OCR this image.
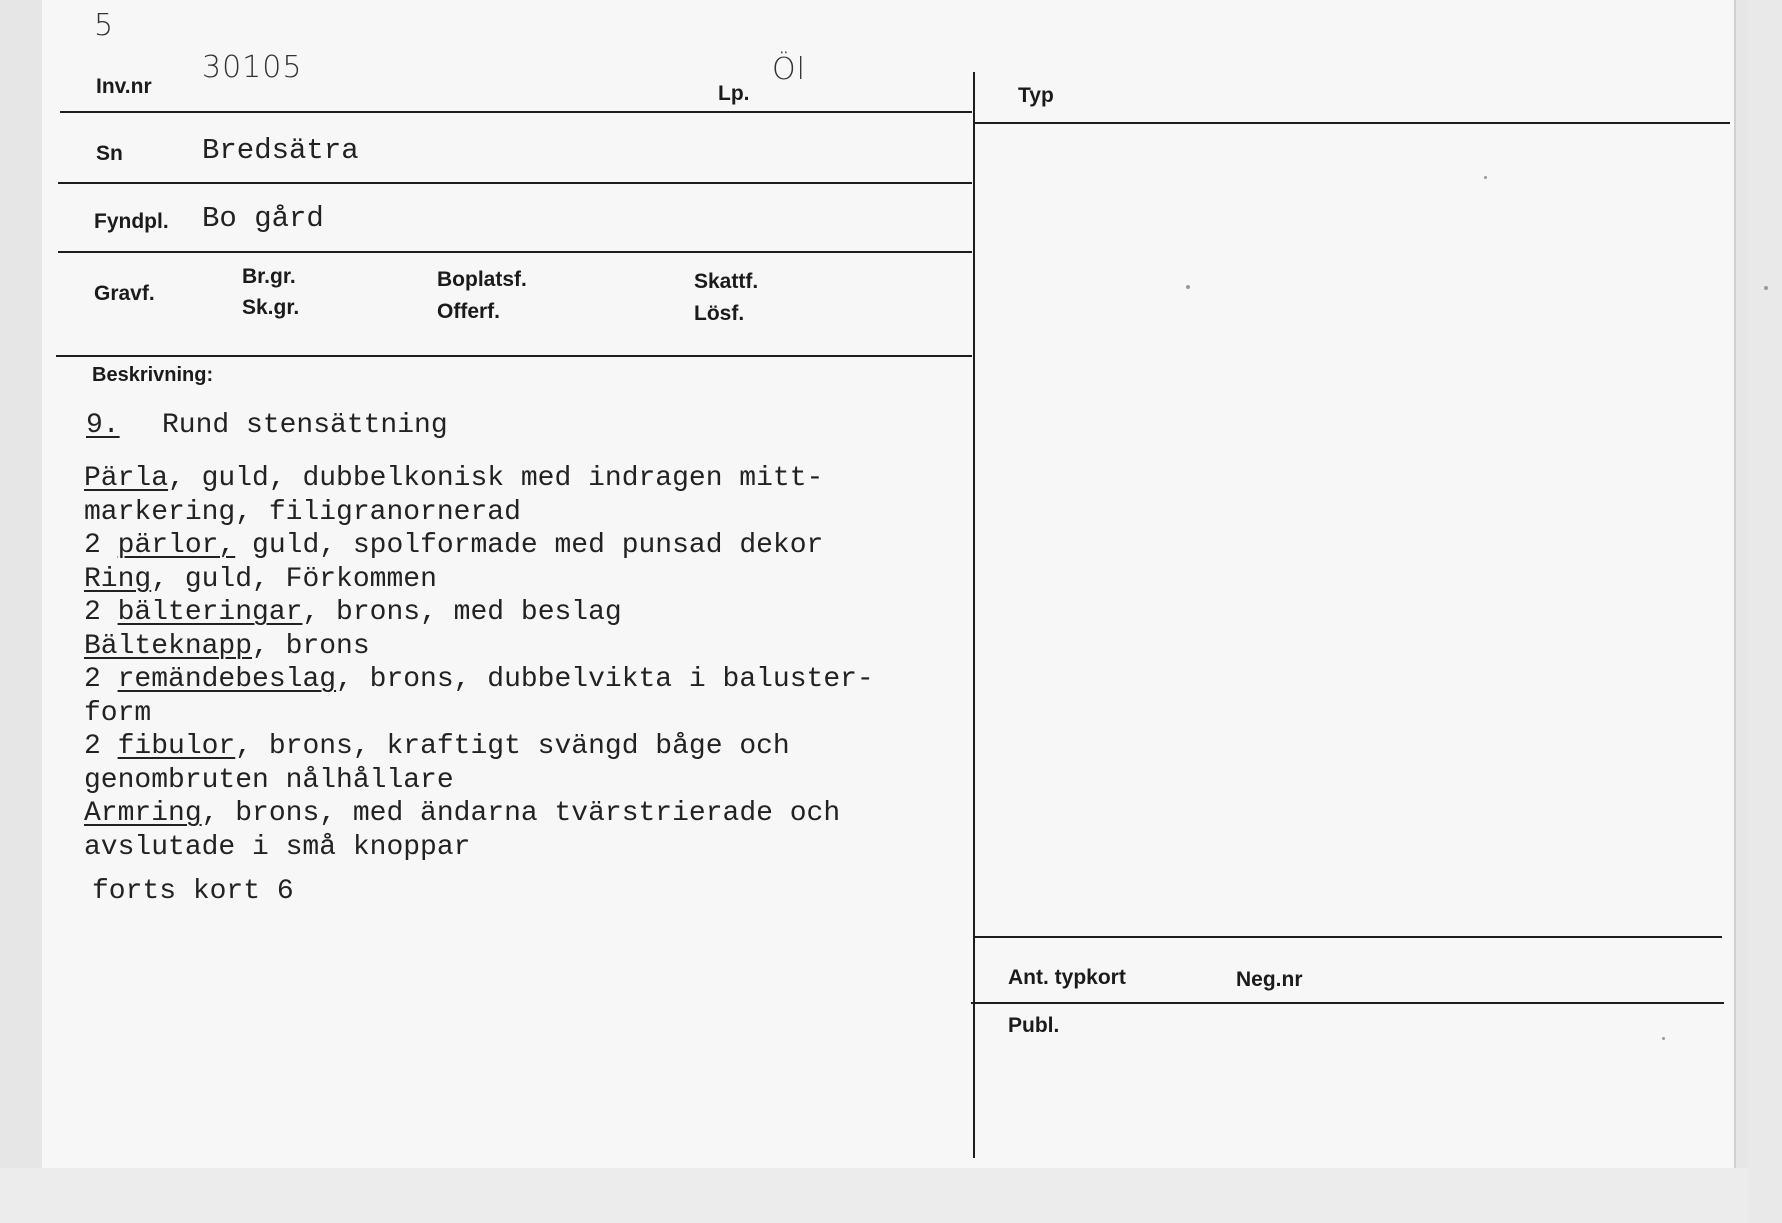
5
Inv.nr
30105
Lp.
Öl
Typ
Sn	Bredsätra
Fyndpl. Bo gård
Gravf.
Br.gr.
Sk.gr.
Boplatsf.
Offerf.
Skattf.
Lösf.
Beskrivning:
9. Rund stensättning
Pärla, guld, dubbelkonisk med indragen mitt-
markering, filigranornerad
2 pärlor, guld, spolformade med punsad dekor
Ring, guld, Förkommen
2 bälteringar, brons, med beslag
Bälteknapp, brons
2 remändebeslag, brons, dubbelvikta i baluster-
form
2 fibulor, brons, kraftigt svängd båge och
genombruten nålhållare
Armring, brons, med ändarna tvärstrierade och
avslutade i små knoppar
forts kort 6
Ant. typkort	Neg.nr
Publ.
